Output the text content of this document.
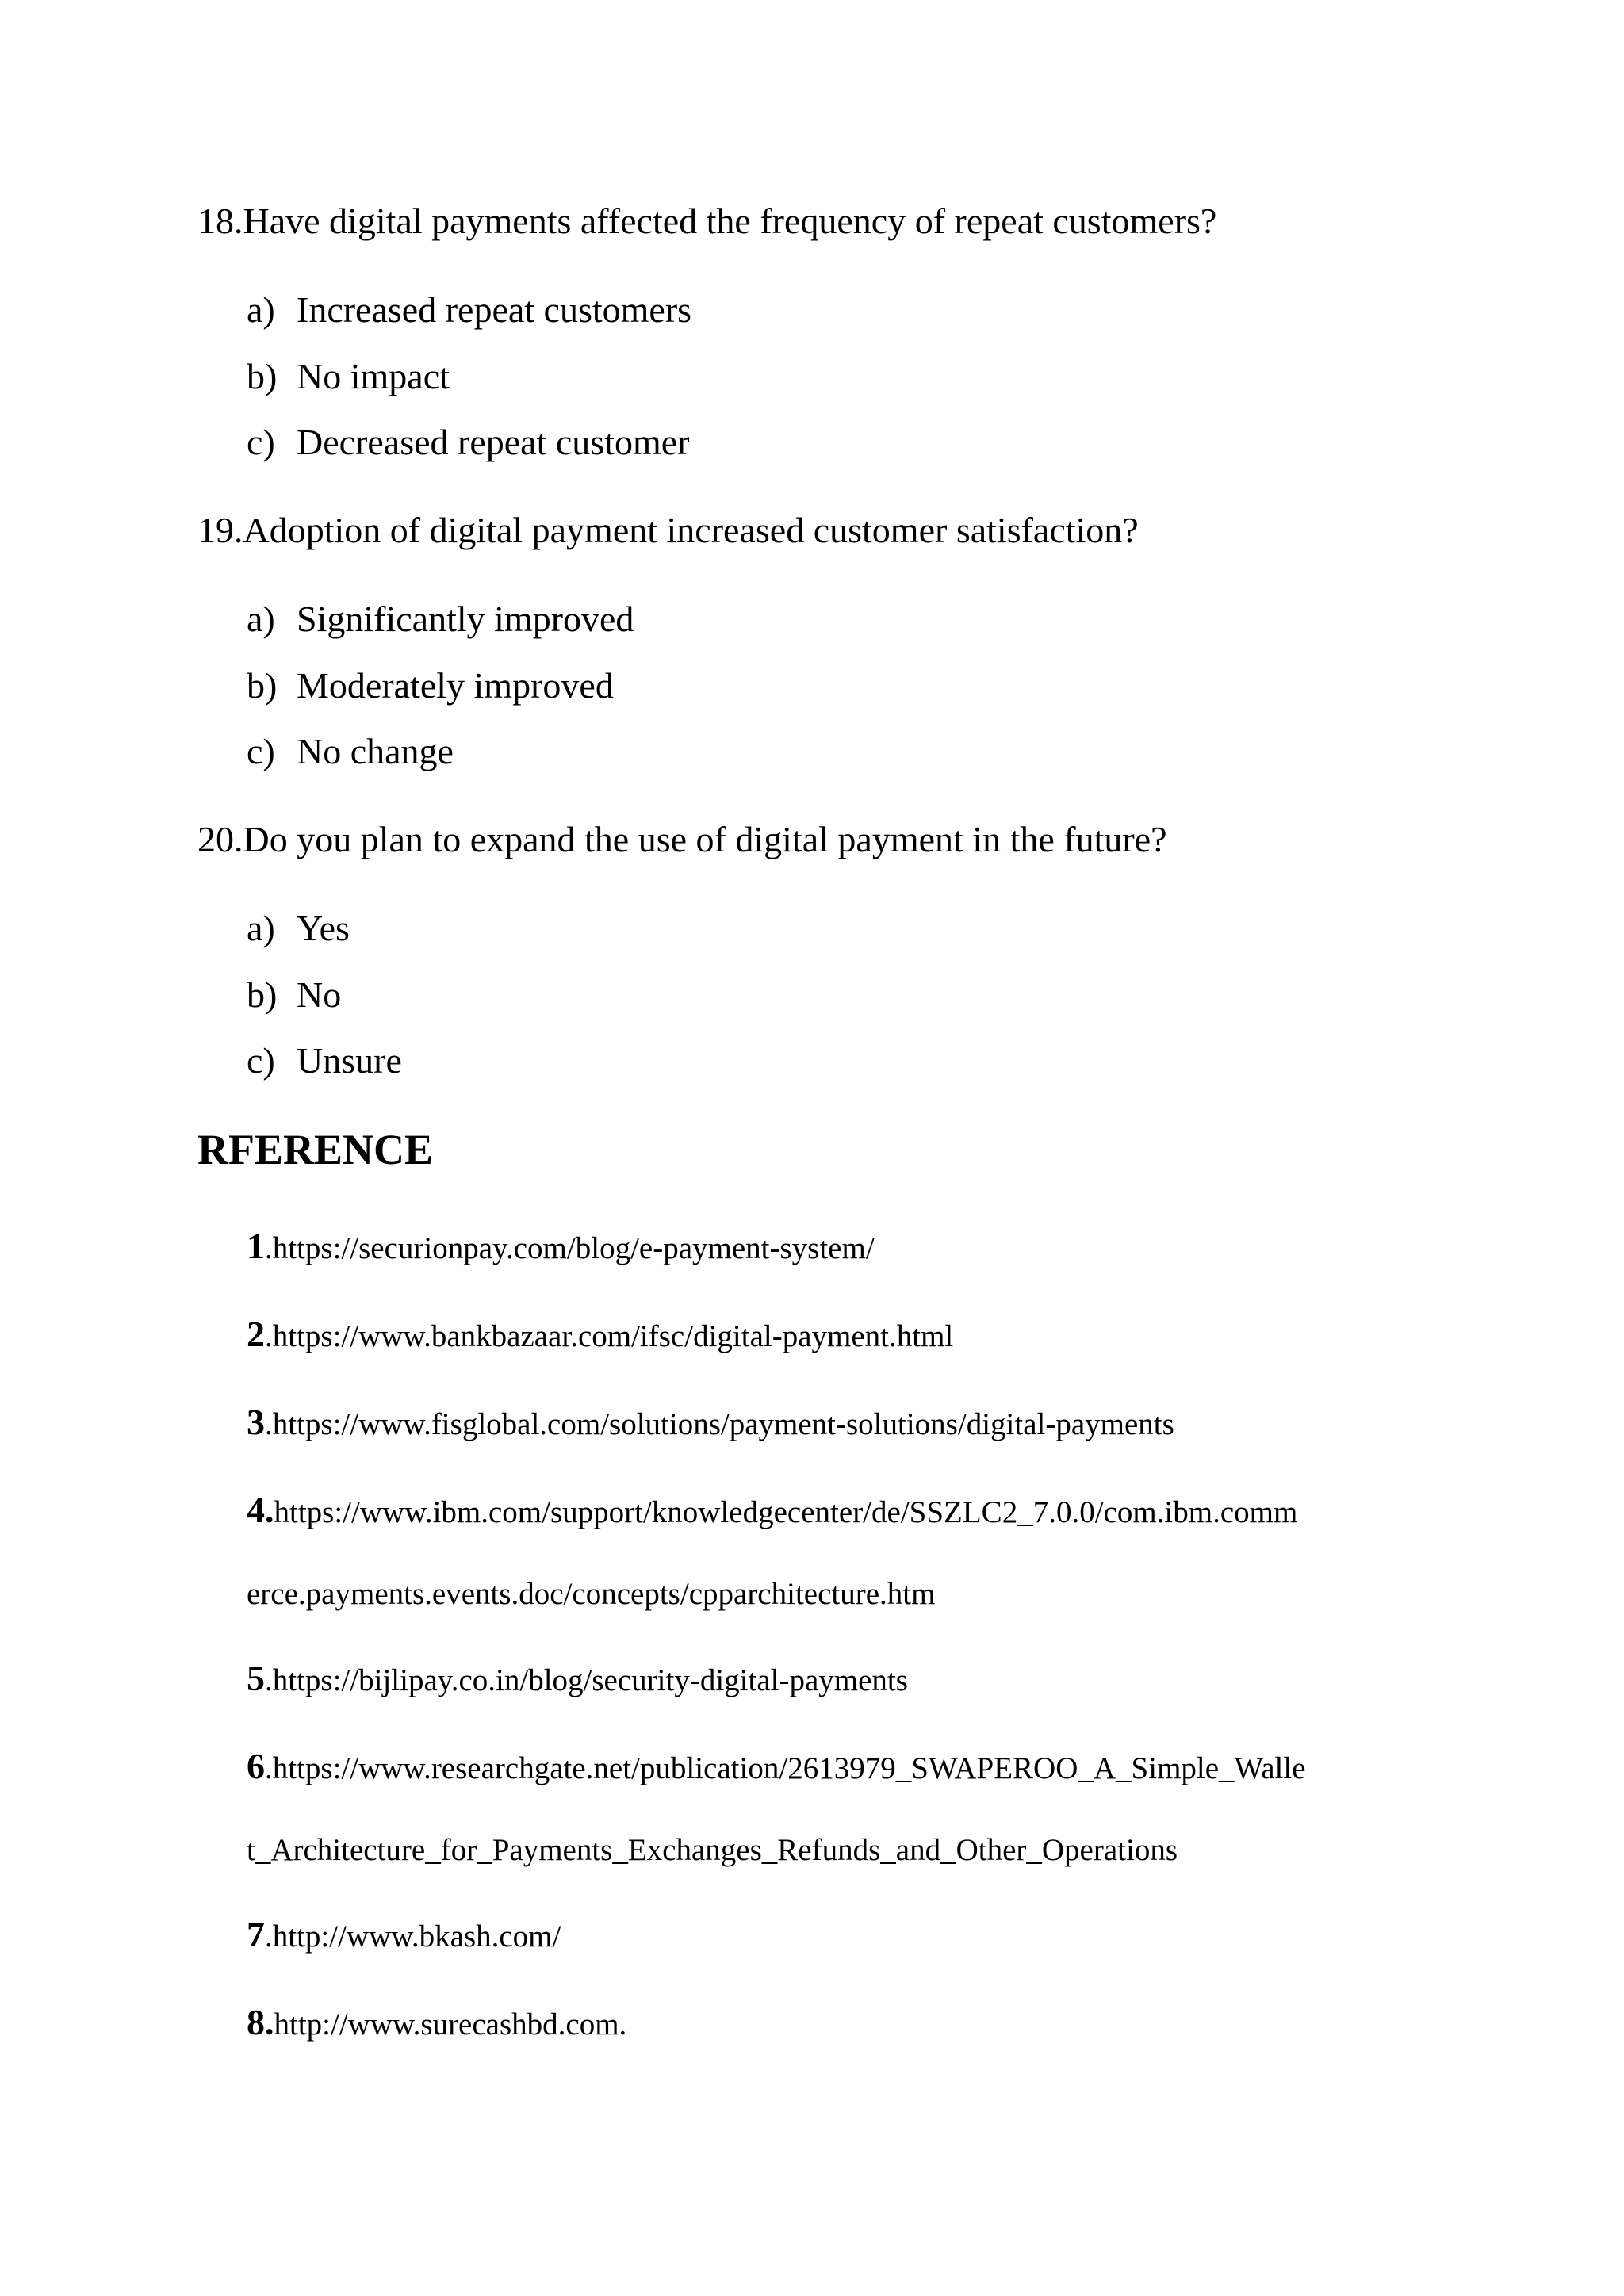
18.Have digital payments affected the frequency of repeat customers?
a) Increased repeat customers
b) No impact
c) Decreased repeat customer
19.Adoption of digital payment increased customer satisfaction?
a) Significantly improved
b) Moderately improved
c) No change
20.Do you plan to expand the use of digital payment in the future?
a) Yes
b) No
c) Unsure
RFERENCE
1.https://securionpay.com/blog/e-payment-system/
2.https://www.bankbazaar.com/ifsc/digital-payment.html
3.https://www.fisglobal.com/solutions/payment-solutions/digital-payments
4.https://www.ibm.com/support/knowledgecenter/de/SSZLC2_7.0.0/com.ibm.comm
erce.payments.events.doc/concepts/cpparchitecture.htm
5.https://bijlipay.co.in/blog/security-digital-payments
6.https://www.researchgate.net/publication/2613979_SWAPEROO_A_Simple_Walle
t_Architecture_for_Payments_Exchanges_Refunds_and_Other_Operations
7.http://www.bkash.com/
8.http://www.surecashbd.com.
